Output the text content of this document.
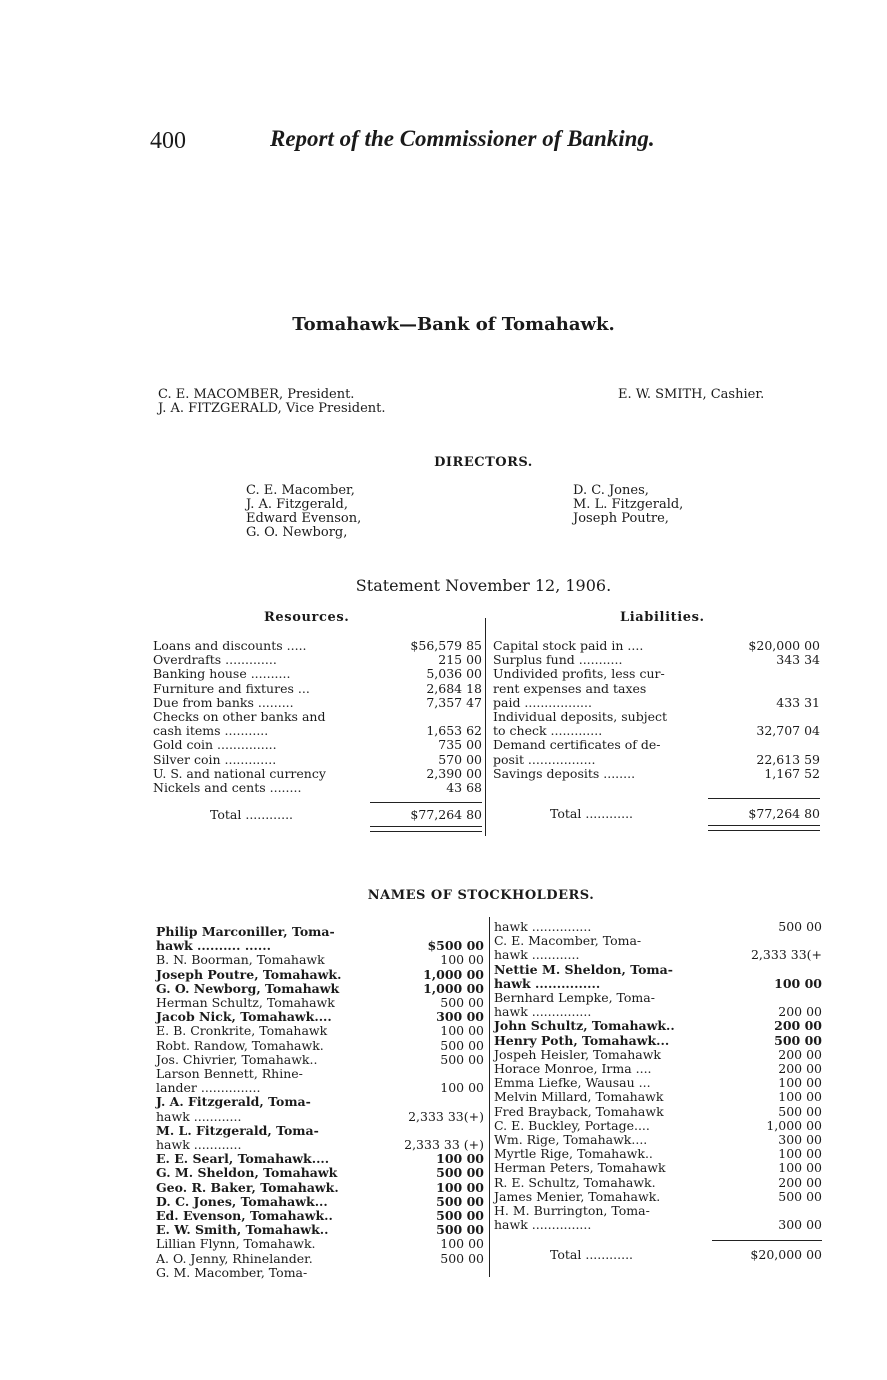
400	Report of the Commissioner of Banking.
Tomahawk—Bank of Tomahawk.
C. E. MACOMBER, President.
J. A. FITZGERALD, Vice President.
E. W. SMITH, Cashier.
DIRECTORS.
C. E. Macomber,
J. A. Fitzgerald,
Edward Evenson,
G. O. Newborg,
D. C. Jones,
M. L. Fitzgerald,
Joseph Poutre,
Statement November 12, 1906.
Resources.	Liabilities.
Loans and discounts .....	$56,579 85
Overdrafts .............	215 00
Banking house ..........	5,036 00
Furniture and fixtures ...	2,684 18
Due from banks .........	7,357 47
Checks on other banks and
cash items ...........	1,653 62
Gold coin ...............	735 00
Silver coin .............	570 00
U. S. and national currency	2,390 00
Nickels and cents ........	43 68
Capital stock paid in ....	$20,000 00
Surplus fund ...........	343 34
Undivided profits, less cur-
rent expenses and taxes
paid .................	433 31
Individual deposits, subject
to check .............	32,707 04
Demand certificates of de-
posit .................	22,613 59
Savings deposits ........	1,167 52
Total ............	$77,264 80	Total ............	$77,264 80
NAMES OF STOCKHOLDERS.
Philip Marconiller, Toma-
hawk .......... ......	$500 00
B. N. Boorman, Tomahawk	100 00
Joseph Poutre, Tomahawk.	1,000 00
G. O. Newborg, Tomahawk	1,000 00
Herman Schultz, Tomahawk	500 00
Jacob Nick, Tomahawk....	300 00
E. B. Cronkrite, Tomahawk	100 00
Robt. Randow, Tomahawk.	500 00
Jos. Chivrier, Tomahawk..	500 00
Larson Bennett, Rhine-
lander ...............	100 00
J. A. Fitzgerald, Toma-
hawk ............	2,333 33(+)
M. L. Fitzgerald, Toma-
hawk ............	2,333 33 (+)
E. E. Searl, Tomahawk....	100 00
G. M. Sheldon, Tomahawk	500 00
Geo. R. Baker, Tomahawk.	100 00
D. C. Jones, Tomahawk...	500 00
Ed. Evenson, Tomahawk..	500 00
E. W. Smith, Tomahawk..	500 00
Lillian Flynn, Tomahawk.	100 00
A. O. Jenny, Rhinelander.	500 00
G. M. Macomber, Toma-
hawk ...............	500 00
C. E. Macomber, Toma-
hawk ............	2,333 33(+
Nettie M. Sheldon, Toma-
hawk ...............	100 00
Bernhard Lempke, Toma-
hawk ...............	200 00
John Schultz, Tomahawk..	200 00
Henry Poth, Tomahawk...	500 00
Jospeh Heisler, Tomahawk	200 00
Horace Monroe, Irma ....	200 00
Emma Liefke, Wausau ...	100 00
Melvin Millard, Tomahawk	100 00
Fred Brayback, Tomahawk	500 00
C. E. Buckley, Portage....	1,000 00
Wm. Rige, Tomahawk....	300 00
Myrtle Rige, Tomahawk..	100 00
Herman Peters, Tomahawk	100 00
R. E. Schultz, Tomahawk.	200 00
James Menier, Tomahawk.	500 00
H. M. Burrington, Toma-
hawk ...............	300 00
Total ............	$20,000 00
